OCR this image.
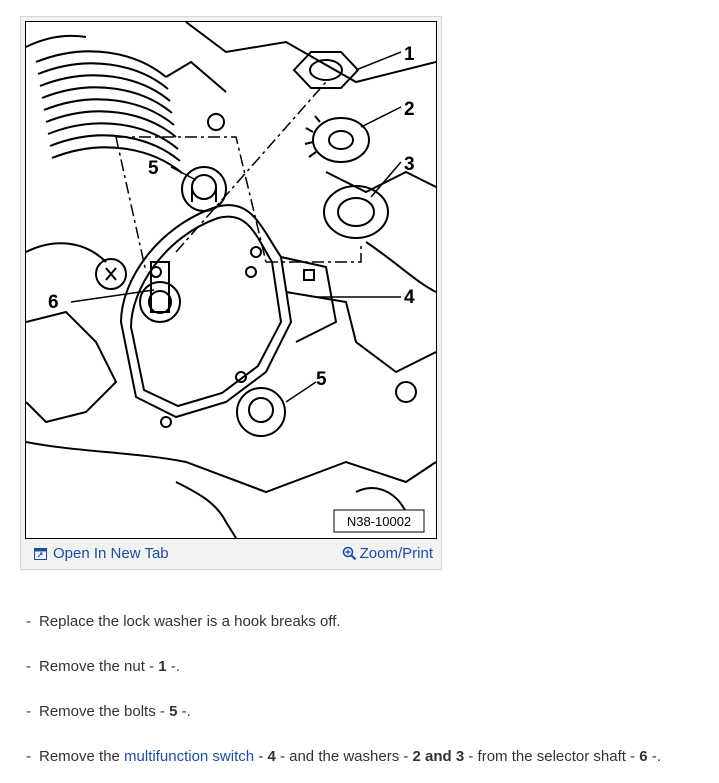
1
2
3
4
5
5
6
N38-10002
Open In New Tab	Zoom/Print
- Replace the lock washer is a hook breaks off.
- Remove the nut - 1 -.
- Remove the bolts - 5 -.
- Remove the multifunction switch - 4 - and the washers - 2 and 3 - from the selector shaft - 6 -.
